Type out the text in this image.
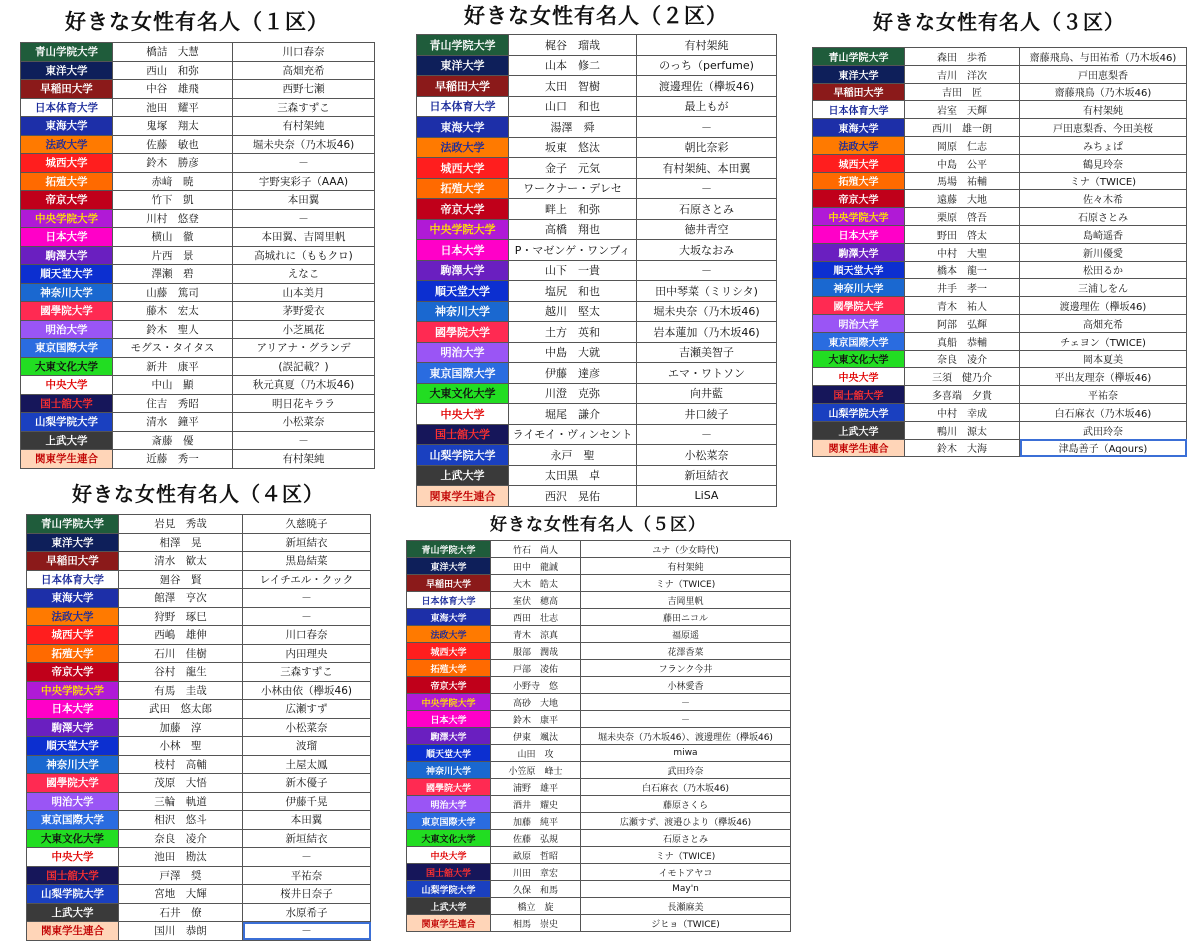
好きな女性有名人（１区）
青山学院大学	橋詰　大慧	川口春奈
東洋大学	西山　和弥	高畑充希
早稲田大学	中谷　雄飛	西野七瀬
日本体育大学	池田　耀平	三森すずこ
東海大学	鬼塚　翔太	有村架純
法政大学	佐藤　敏也	堀未央奈（乃木坂46)
城西大学	鈴木　勝彦	－
拓殖大学	赤﨑　暁	宇野実彩子（AAA)
帝京大学	竹下　凱	本田翼
中央学院大学	川村　悠登	－
日本大学	横山　徹	本田翼、吉岡里帆
駒澤大学	片西　景	高城れに（ももクロ)
順天堂大学	澤瀬　碧	えなこ
神奈川大学	山藤　篤司	山本美月
國學院大学	藤木　宏太	茅野愛衣
明治大学	鈴木　聖人	小芝風花
東京国際大学	モグス・タイタス	アリアナ・グランデ
大東文化大学	新井　康平	(誤記載？)
中央大学	中山　顯	秋元真夏（乃木坂46)
国士舘大学	住吉　秀昭	明日花キララ
山梨学院大学	清水　鐘平	小松菜奈
上武大学	斎藤　優	－
関東学生連合	近藤　秀一	有村架純
好きな女性有名人（２区）
青山学院大学	梶谷　瑠哉	有村架純
東洋大学	山本　修二	のっち（perfume)
早稲田大学	太田　智樹	渡邊理佐（欅坂46)
日本体育大学	山口　和也	最上もが
東海大学	湯澤　舜	－
法政大学	坂東　悠汰	朝比奈彩
城西大学	金子　元気	有村架純、本田翼
拓殖大学	ワークナー・デレセ	－
帝京大学	畔上　和弥	石原さとみ
中央学院大学	高橋　翔也	徳井青空
日本大学	P・マゼンゲ・ワンブィ	大坂なおみ
駒澤大学	山下　一貴	－
順天堂大学	塩尻　和也	田中琴菜（ミリシタ)
神奈川大学	越川　堅太	堀未央奈（乃木坂46)
國學院大学	土方　英和	岩本蓮加（乃木坂46)
明治大学	中島　大就	吉瀬美智子
東京国際大学	伊藤　達彦	エマ・ワトソン
大東文化大学	川澄　克弥	向井藍
中央大学	堀尾　謙介	井口綾子
国士舘大学	ライモイ・ヴィンセント	－
山梨学院大学	永戸　聖	小松菜奈
上武大学	太田黒　卓	新垣結衣
関東学生連合	西沢　晃佑	LiSA
好きな女性有名人（３区）
青山学院大学	森田　歩希	齋藤飛鳥、与田祐希（乃木坂46)
東洋大学	吉川　洋次	戸田恵梨香
早稲田大学	吉田　匠	齋藤飛鳥（乃木坂46)
日本体育大学	岩室　天輝	有村架純
東海大学	西川　雄一朗	戸田恵梨香、今田美桜
法政大学	岡原　仁志	みちょぱ
城西大学	中島　公平	鶴見玲奈
拓殖大学	馬場　祐輔	ミナ（TWICE)
帝京大学	遠藤　大地	佐々木希
中央学院大学	栗原　啓吾	石原さとみ
日本大学	野田　啓太	島崎遥香
駒澤大学	中村　大聖	新川優愛
順天堂大学	橋本　龍一	松田るか
神奈川大学	井手　孝一	三浦しをん
國學院大学	青木　祐人	渡邊理佐（欅坂46)
明治大学	阿部　弘輝	高畑充希
東京国際大学	真船　恭輔	チェヨン（TWICE)
大東文化大学	奈良　凌介	岡本夏美
中央大学	三須　健乃介	平出友理奈（欅坂46)
国士舘大学	多喜端　夕貴	平祐奈
山梨学院大学	中村　幸成	白石麻衣（乃木坂46)
上武大学	鴨川　源太	武田玲奈
関東学生連合	鈴木　大海	津島善子（Aqours)
好きな女性有名人（４区）
青山学院大学	岩見　秀哉	久慈暁子
東洋大学	相澤　晃	新垣結衣
早稲田大学	清水　歓太	黒島結菜
日本体育大学	廻谷　賢	レイチエル・クック
東海大学	館澤　亨次	－
法政大学	狩野　琢巳	－
城西大学	西嶋　雄伸	川口春奈
拓殖大学	石川　佳樹	内田理央
帝京大学	谷村　龍生	三森すずこ
中央学院大学	有馬　圭哉	小林由依（欅坂46)
日本大学	武田　悠太郎	広瀬すず
駒澤大学	加藤　淳	小松菜奈
順天堂大学	小林　聖	波瑠
神奈川大学	枝村　高輔	土屋太鳳
國學院大学	茂原　大悟	新木優子
明治大学	三輪　軌道	伊藤千晃
東京国際大学	相沢　悠斗	本田翼
大東文化大学	奈良　凌介	新垣結衣
中央大学	池田　勘汰	－
国士舘大学	戸澤　奨	平祐奈
山梨学院大学	宮地　大輝	桜井日奈子
上武大学	石井　僚	水原希子
関東学生連合	国川　恭朗	－
好きな女性有名人（５区）
青山学院大学	竹石　尚人	ユナ（少女時代)
東洋大学	田中　龍誠	有村架純
早稲田大学	大木　皓太	ミナ（TWICE)
日本体育大学	室伏　穂高	吉岡里帆
東海大学	西田　壮志	藤田ニコル
法政大学	青木　涼真	福原遥
城西大学	服部　潤哉	花澤香菜
拓殖大学	戸部　凌佑	フランク今井
帝京大学	小野寺　悠	小林愛香
中央学院大学	高砂　大地	－
日本大学	鈴木　康平	－
駒澤大学	伊東　颯汰	堀未央奈（乃木坂46）、渡邊理佐（欅坂46)
順天堂大学	山田　攻	miwa
神奈川大学	小笠原　峰士	武田玲奈
國學院大学	浦野　雄平	白石麻衣（乃木坂46)
明治大学	酒井　耀史	藤原さくら
東京国際大学	加藤　純平	広瀬すず、渡邉ひより（欅坂46)
大東文化大学	佐藤　弘規	石原さとみ
中央大学	畝原　哲昭	ミナ（TWICE)
国士舘大学	川田　章宏	イモトアヤコ
山梨学院大学	久保　和馬	May'n
上武大学	橋立　旋	長瀬麻美
関東学生連合	相馬　崇史	ジヒョ（TWICE)
